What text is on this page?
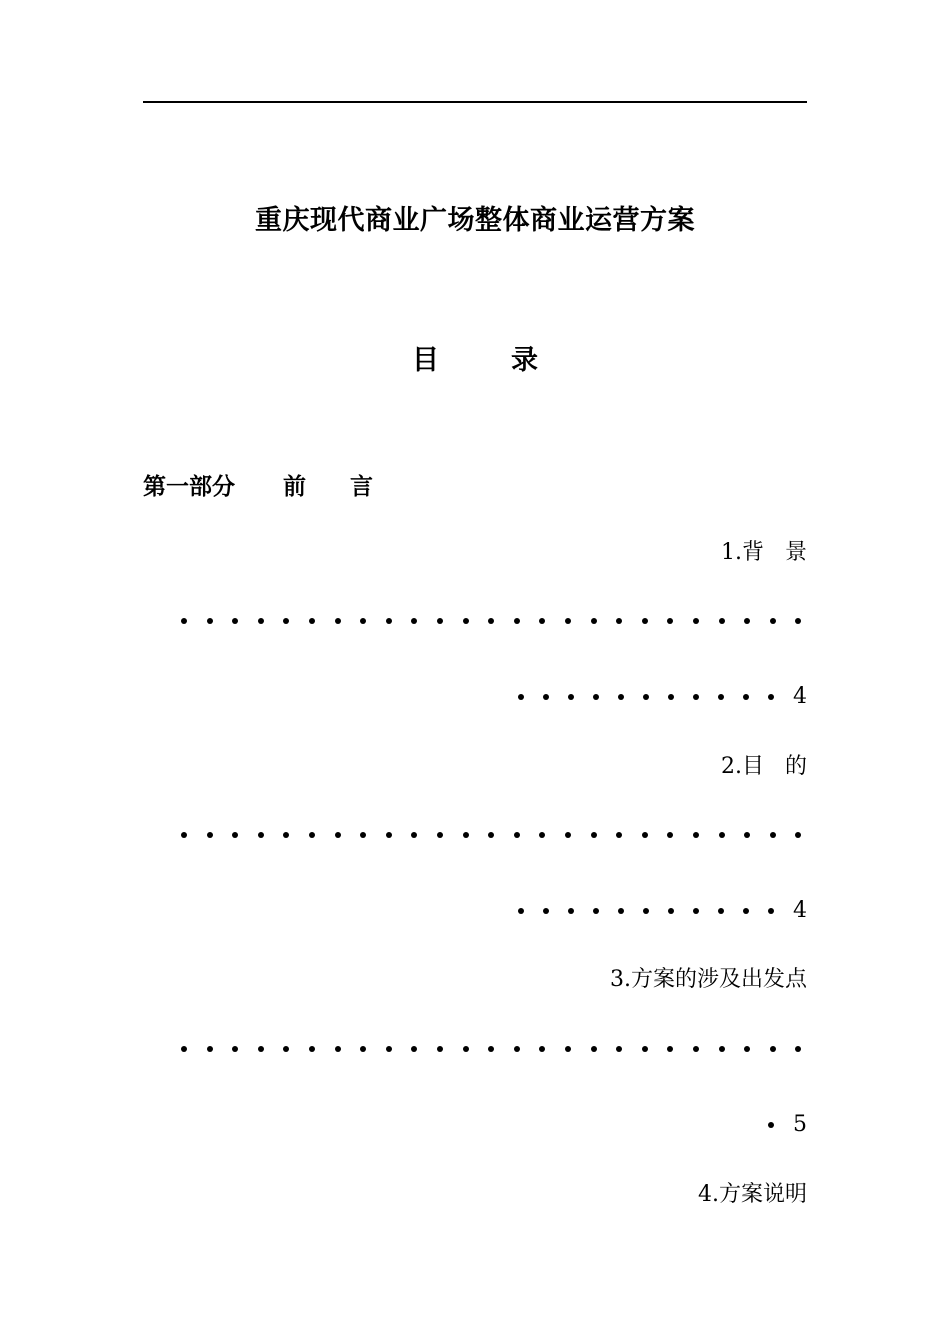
重庆现代商业广场整体商业运营方案
目	录
第一部分 前 言
1.背 景
4
2.目 的
4
3.方案的涉及出发点
5
4.方案说明
